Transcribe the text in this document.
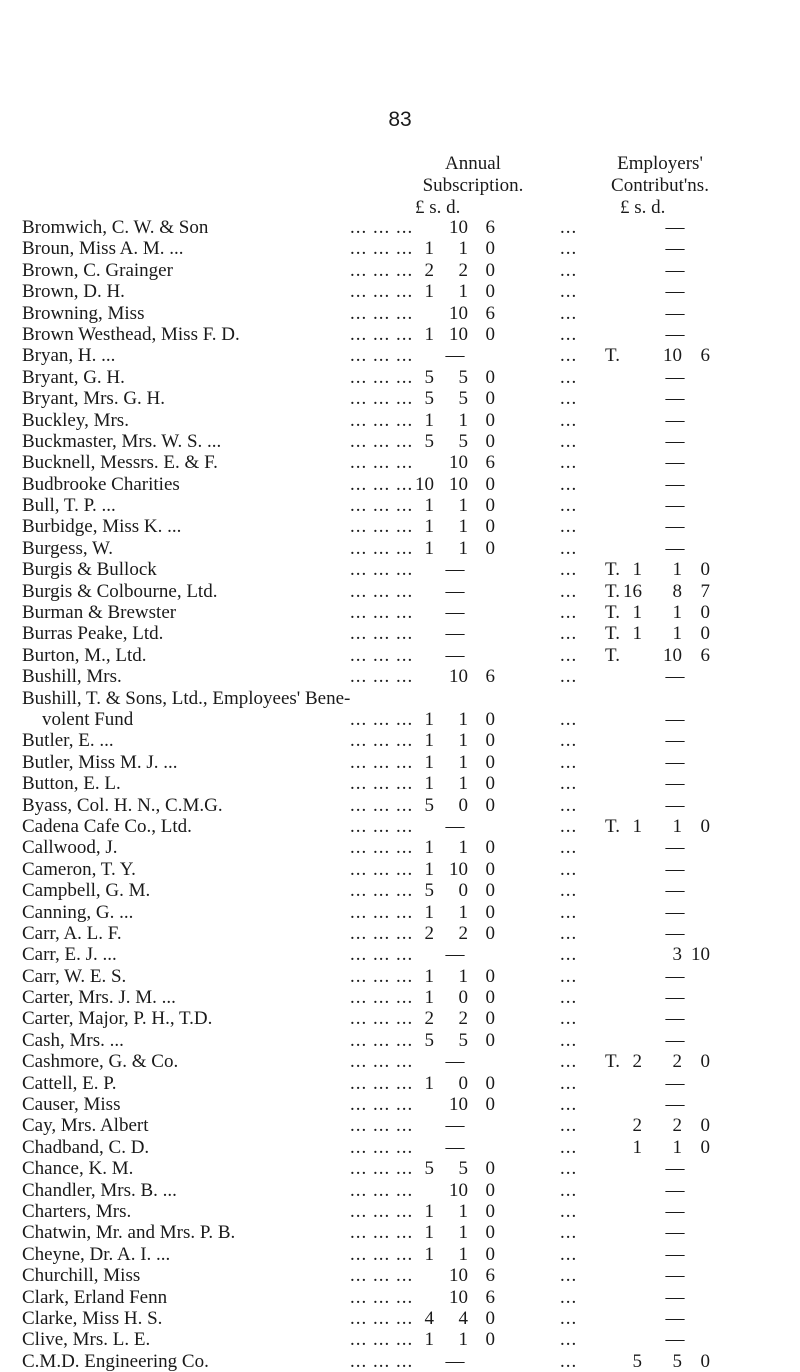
83
Annual
Subscription.
Employers'
Contribut'ns.
£ s. d.	£ s. d.
Bromwich, C. W. & Son	... ... ...	10 6	...	—
Broun, Miss A. M. ...	... ... ... 1	1 0	...	—
Brown, C. Grainger	... ... ... 2	2 0	...	—
Brown, D. H.	... ... ... 1	1 0	...	—
Browning, Miss	... ... ...	10 6	...	—
Brown Westhead, Miss F. D.	... ... ... 1 10 0	...	—
Bryan, H. ...	... ... ... —	... T.	10 6
Bryant, G. H.	... ... ... 5	5 0	...	—
Bryant, Mrs. G. H.	... ... ... 5	5 0	...	—
Buckley, Mrs.	... ... ... 1	1 0	...	—
Buckmaster, Mrs. W. S. ...	... ... ... 5	5 0	...	—
Bucknell, Messrs. E. & F.	... ... ...	10 6	...	—
Budbrooke Charities	... ... ... 10 10 0	...	—
Bull, T. P. ...	... ... ... 1	1 0	...	—
Burbidge, Miss K. ...	... ... ... 1	1 0	...	—
Burgess, W.	... ... ... 1	1 0	...	—
Burgis & Bullock	... ... ... —	... T. 1	1 0
Burgis & Colbourne, Ltd.	... ... ... —	... T. 16	8 7
Burman & Brewster	... ... ... —	... T. 1	1 0
Burras Peake, Ltd.	... ... ... —	... T. 1	1 0
Burton, M., Ltd.	... ... ... —	... T.	10 6
Bushill, Mrs.	... ... ...	10 6	...	—
Bushill, T. & Sons, Ltd., Employees' Bene-
volent Fund	... ... ... 1	1 0	...	—
Butler, E. ...	... ... ... 1	1 0	...	—
Butler, Miss M. J. ...	... ... ... 1	1 0	...	—
Button, E. L.	... ... ... 1	1 0	...	—
Byass, Col. H. N., C.M.G.	... ... ... 5	0 0	...	—
Cadena Cafe Co., Ltd.	... ... ... —	... T. 1	1 0
Callwood, J.	... ... ... 1	1 0	...	—
Cameron, T. Y.	... ... ... 1 10 0	...	—
Campbell, G. M.	... ... ... 5	0 0	...	—
Canning, G. ...	... ... ... 1	1 0	...	—
Carr, A. L. F.	... ... ... 2	2 0	...	—
Carr, E. J. ...	... ... ... —	...	3 10
Carr, W. E. S.	... ... ... 1	1 0	...	—
Carter, Mrs. J. M. ...	... ... ... 1	0 0	...	—
Carter, Major, P. H., T.D.	... ... ... 2	2 0	...	—
Cash, Mrs. ...	... ... ... 5	5 0	...	—
Cashmore, G. & Co.	... ... ... —	... T. 2	2 0
Cattell, E. P.	... ... ... 1	0 0	...	—
Causer, Miss	... ... ...	10 0	...	—
Cay, Mrs. Albert	... ... ... —	...	2	2 0
Chadband, C. D.	... ... ... —	...	1	1 0
Chance, K. M.	... ... ... 5	5 0	...	—
Chandler, Mrs. B. ...	... ... ...	10 0	...	—
Charters, Mrs.	... ... ... 1	1 0	...	—
Chatwin, Mr. and Mrs. P. B.	... ... ... 1	1 0	...	—
Cheyne, Dr. A. I. ...	... ... ... 1	1 0	...	—
Churchill, Miss	... ... ...	10 6	...	—
Clark, Erland Fenn	... ... ...	10 6	...	—
Clarke, Miss H. S.	... ... ... 4	4 0	...	—
Clive, Mrs. L. E.	... ... ... 1	1 0	...	—
C.M.D. Engineering Co.	... ... ... —	...	5	5 0
